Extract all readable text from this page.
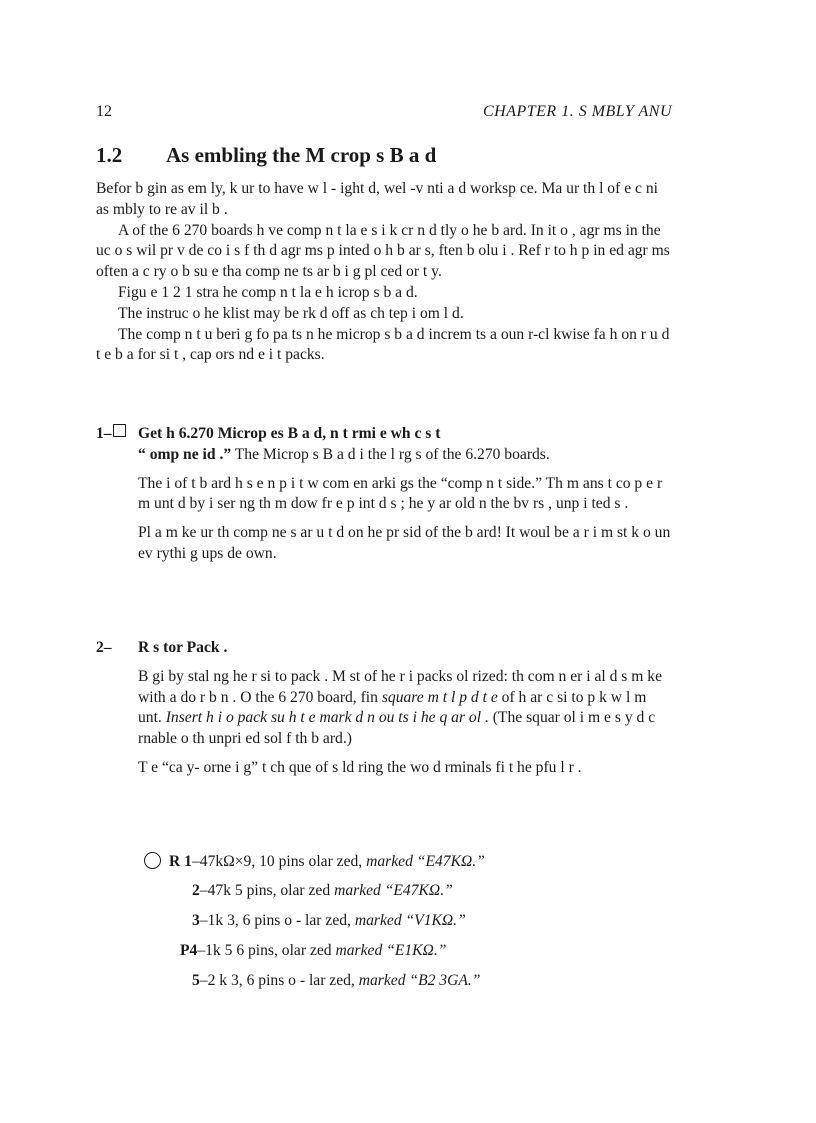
12	CHAPTER 1. S MBLY ANU
1.2 As embling the M crop s B a d

Befor b gin as em ly, k ur to have w l - ight d, wel -v nti a d worksp ce. Ma ur th l of e c ni as mbly to re av il b .

A of the 6 270 boards h ve comp n t la e s i k cr n d tly o he b ard. In it o , agr ms in the uc o s wil pr v de co i s f th d agr ms p inted o h b ar s, ften b olu i . Ref r to h p in ed agr ms often a c ry o b su e tha comp ne ts ar b i g pl ced or t y.

Figu e 1 2 1 stra he comp n t la e h icrop s b a d.

The instruc o he klist may be rk d off as ch tep i om l d.

The comp n t u beri g fo pa ts n he microp s b a d increm ts a oun r-cl kwise fa h on r u d t e b a for si t , cap ors nd e i t packs.

1–	Get h 6.270 Microp es B a d, n t rmi e wh c s t
“ omp ne id .” The Microp s B a d i the l rg s of the 6.270 boards.

The i of t b ard h s e n p i t w com en arki gs the “comp n t side.” Th m ans t co p e r m unt d by i ser ng th m dow fr e p int d s ; he y ar old n the bv rs , unp i ted s .

Pl a m ke ur th comp ne s ar u t d on he pr sid of the b ard! It woul be a r i m st k o un ev rythi g ups de own.

2– R s tor Pack .

B gi by stal ng he r si to pack . M st of he r i packs ol rized: th com n er i al d s m ke with a do r b n . O the 6 270 board, fin square m t l p d t e of h ar c si to p k w l m unt. Insert h i o pack su h t e mark d n ou ts i he q ar ol . (The squar ol i m e s y d c rnable o th unpri ed sol f th b ard.)

T e “ca y- orne i g” t ch que of s ld ring the wo d rminals fi t he pfu l r .

R 1–47kΩ×9, 10 pins olar zed, marked “E47KΩ.”
2–47k 5 pins, olar zed marked “E47KΩ.”
3–1k 3, 6 pins o - lar zed, marked “V1KΩ.”
P4–1k 5 6 pins, olar zed marked “E1KΩ.”
5–2 k 3, 6 pins o - lar zed, marked “B2 3GA.”
